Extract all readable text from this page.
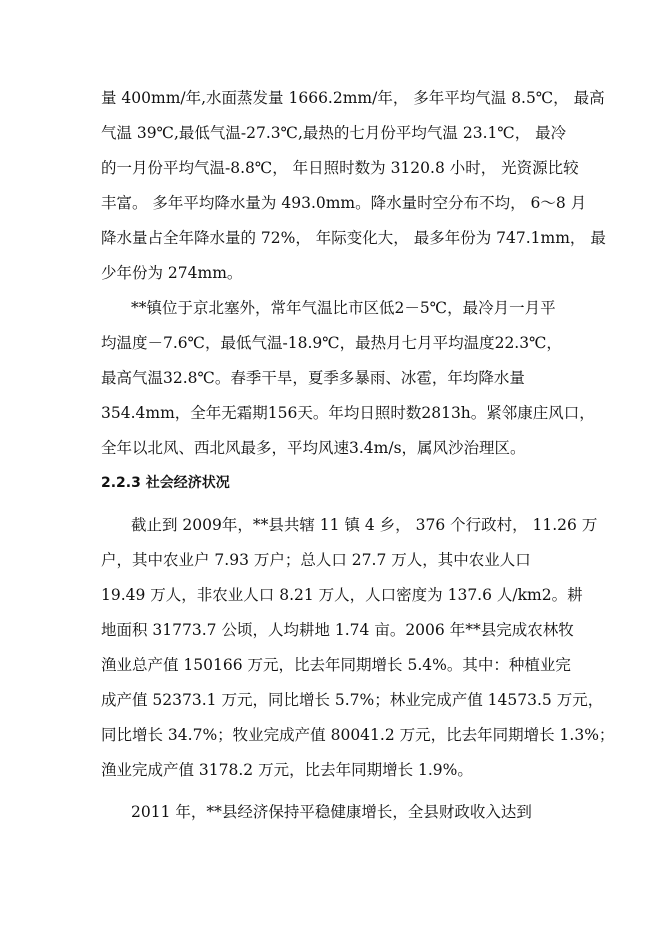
量 400mm/年,水面蒸发量 1666.2mm/年， 多年平均气温 8.5℃， 最高
气温 39℃,最低气温-27.3℃,最热的七月份平均气温 23.1℃， 最冷
的一月份平均气温-8.8℃， 年日照时数为 3120.8 小时， 光资源比较
丰富。 多年平均降水量为 493.0mm。降水量时空分布不均， 6～8 月
降水量占全年降水量的 72%， 年际变化大， 最多年份为 747.1mm， 最
少年份为 274mm。
**镇位于京北塞外，常年气温比市区低2－5℃，最冷月一月平
均温度－7.6℃，最低气温-18.9℃，最热月七月平均温度22.3℃，
最高气温32.8℃。春季干旱，夏季多暴雨、冰雹，年均降水量
354.4mm，全年无霜期156天。年均日照时数2813h。紧邻康庄风口，
全年以北风、西北风最多，平均风速3.4m/s，属风沙治理区。
2.2.3 社会经济状况
截止到 2009年，**县共辖 11 镇 4 乡， 376 个行政村， 11.26 万
户，其中农业户 7.93 万户；总人口 27.7 万人，其中农业人口
19.49 万人，非农业人口 8.21 万人，人口密度为 137.6 人/km2。耕
地面积 31773.7 公顷，人均耕地 1.74 亩。2006 年**县完成农林牧
渔业总产值 150166 万元，比去年同期增长 5.4%。其中：种植业完
成产值 52373.1 万元，同比增长 5.7%；林业完成产值 14573.5 万元，
同比增长 34.7%；牧业完成产值 80041.2 万元，比去年同期增长 1.3%；
渔业完成产值 3178.2 万元，比去年同期增长 1.9%。
2011 年，**县经济保持平稳健康增长，全县财政收入达到
